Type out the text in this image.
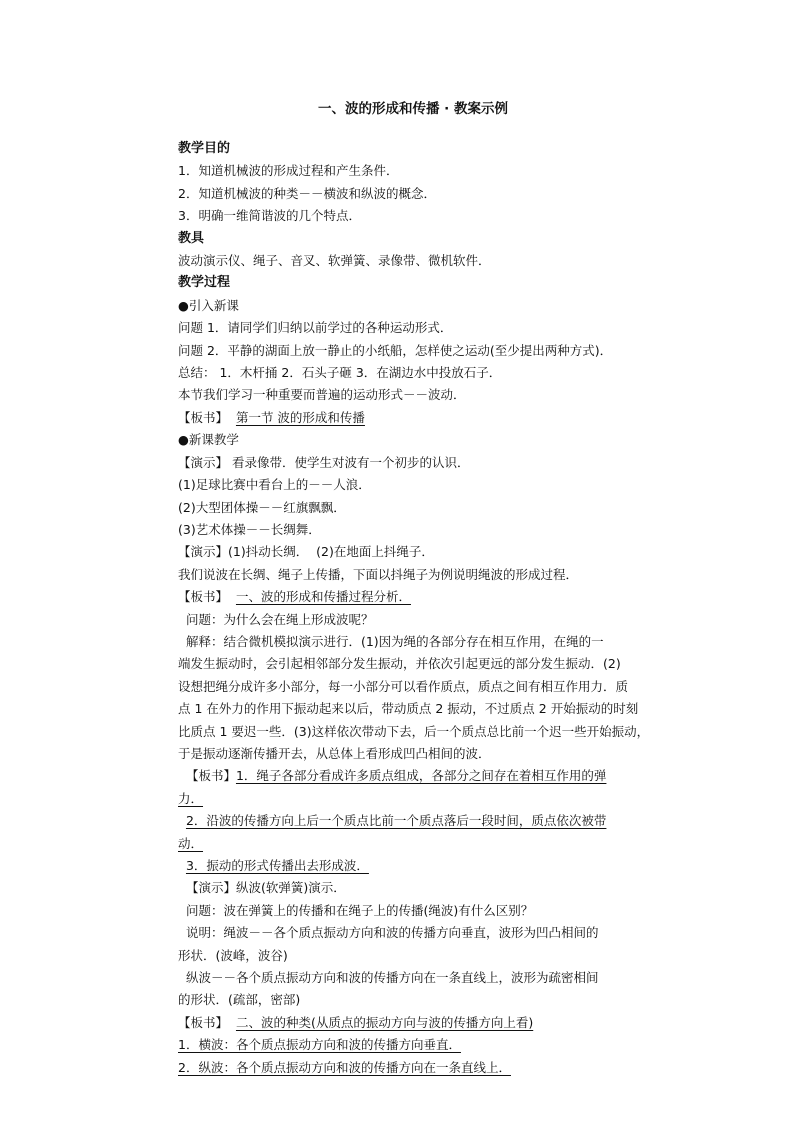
一、波的形成和传播 · 教案示例
教学目的
1．知道机械波的形成过程和产生条件．
2．知道机械波的种类－－横波和纵波的概念．
3．明确一维简谐波的几个特点．
教具
波动演示仪、绳子、音叉、软弹簧、录像带、微机软件．
教学过程
●引入新课
问题 1．请同学们归纳以前学过的各种运动形式．
问题 2．平静的湖面上放一静止的小纸船，怎样使之运动(至少提出两种方式)．
总结： 1．木杆捅 2．石头子砸 3．在湖边水中投放石子．
本节我们学习一种重要而普遍的运动形式－－波动．
【板书】  第一节 波的形成和传播
●新课教学
【演示】 看录像带．使学生对波有一个初步的认识．
(1)足球比赛中看台上的－－人浪．
(2)大型团体操－－红旗飘飘．
(3)艺术体操－－长绸舞．
【演示】(1)抖动长绸．  (2)在地面上抖绳子．
我们说波在长绸、绳子上传播，下面以抖绳子为例说明绳波的形成过程．
【板书】  一、波的形成和传播过程分析．
问题：为什么会在绳上形成波呢？
解释：结合微机模拟演示进行．(1)因为绳的各部分存在相互作用，在绳的一
端发生振动时，会引起相邻部分发生振动，并依次引起更远的部分发生振动．(2)
设想把绳分成许多小部分，每一小部分可以看作质点，质点之间有相互作用力．质
点 1 在外力的作用下振动起来以后，带动质点 2 振动，不过质点 2 开始振动的时刻
比质点 1 要迟一些．(3)这样依次带动下去，后一个质点总比前一个迟一些开始振动，
于是振动逐渐传播开去，从总体上看形成凹凸相间的波．
【板书】1．绳子各部分看成许多质点组成，各部分之间存在着相互作用的弹
力．
2．沿波的传播方向上后一个质点比前一个质点落后一段时间，质点依次被带
动．
3．振动的形式传播出去形成波．
【演示】纵波(软弹簧)演示．
问题：波在弹簧上的传播和在绳子上的传播(绳波)有什么区别？
说明：绳波－－各个质点振动方向和波的传播方向垂直，波形为凹凸相间的
形状．(波峰，波谷)
纵波－－各个质点振动方向和波的传播方向在一条直线上，波形为疏密相间
的形状．(疏部，密部)
【板书】  二、波的种类(从质点的振动方向与波的传播方向上看)
1．横波：各个质点振动方向和波的传播方向垂直．
2．纵波：各个质点振动方向和波的传播方向在一条直线上．
